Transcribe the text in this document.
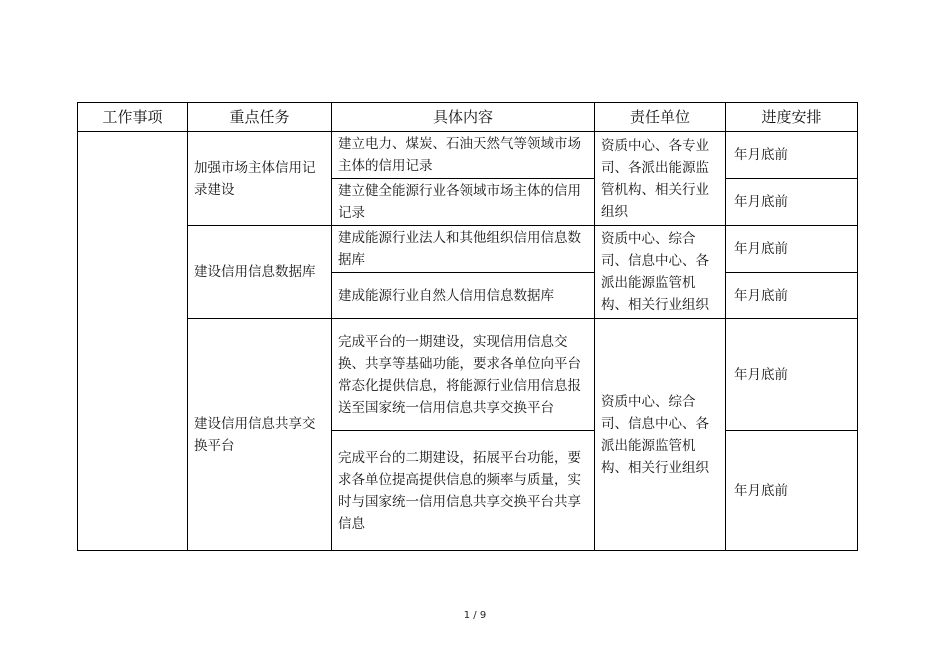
工作事项	重点任务	具体内容	责任单位	进度安排
	加强市场主体信用记录建设	建立电力、煤炭、石油天然气等领域市场主体的信用记录	资质中心、各专业司、各派出能源监管机构、相关行业组织	年月底前
		建立健全能源行业各领域市场主体的信用记录		年月底前
	建设信用信息数据库	建成能源行业法人和其他组织信用信息数据库	资质中心、综合司、信息中心、各派出能源监管机构、相关行业组织	年月底前
		建成能源行业自然人信用信息数据库		年月底前
	建设信用信息共享交换平台	完成平台的一期建设，实现信用信息交换、共享等基础功能，要求各单位向平台常态化提供信息，将能源行业信用信息报送至国家统一信用信息共享交换平台	资质中心、综合司、信息中心、各派出能源监管机构、相关行业组织	年月底前
		完成平台的二期建设，拓展平台功能，要求各单位提高提供信息的频率与质量，实时与国家统一信用信息共享交换平台共享信息		年月底前
1 / 9
